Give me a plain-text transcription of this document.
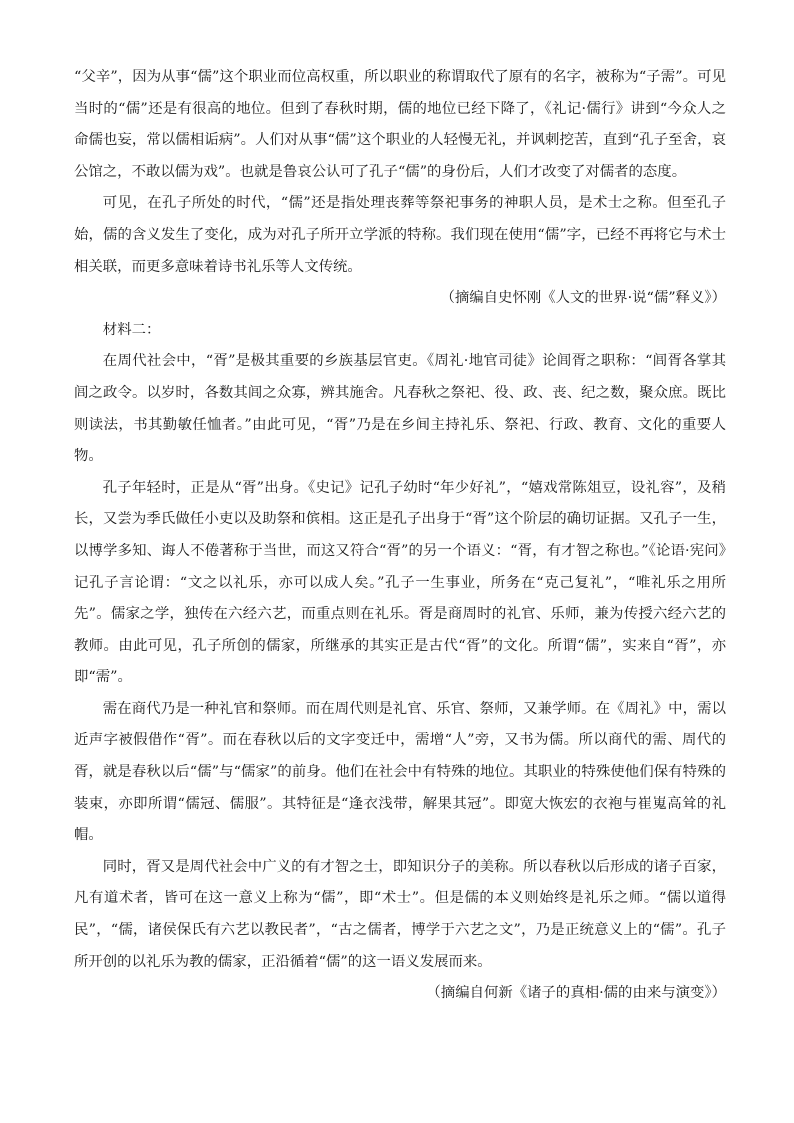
“父辛”，因为从事“儒”这个职业而位高权重，所以职业的称谓取代了原有的名字，被称为“子需”。可见当时的“儒”还是有很高的地位。但到了春秋时期，儒的地位已经下降了，《礼记·儒行》讲到“今众人之命儒也妄，常以儒相诟病”。人们对从事“儒”这个职业的人轻慢无礼，并讽刺挖苦，直到“孔子至舍，哀公馆之，不敢以儒为戏”。也就是鲁哀公认可了孔子“儒”的身份后，人们才改变了对儒者的态度。

可见，在孔子所处的时代，“儒”还是指处理丧葬等祭祀事务的神职人员，是术士之称。但至孔子始，儒的含义发生了变化，成为对孔子所开立学派的特称。我们现在使用“儒”字，已经不再将它与术士相关联，而更多意味着诗书礼乐等人文传统。

（摘编自史怀刚《人文的世界·说“儒”释义》）

材料二：

在周代社会中，“胥”是极其重要的乡族基层官吏。《周礼·地官司徒》论闾胥之职称：“闾胥各掌其闾之政令。以岁时，各数其闾之众寡，辨其施舍。凡春秋之祭祀、役、政、丧、纪之数，聚众庶。既比则读法，书其勤敏任恤者。”由此可见，“胥”乃是在乡间主持礼乐、祭祀、行政、教育、文化的重要人物。

孔子年轻时，正是从“胥”出身。《史记》记孔子幼时“年少好礼”，“嬉戏常陈俎豆，设礼容”，及稍长，又尝为季氏做任小吏以及助祭和傧相。这正是孔子出身于“胥”这个阶层的确切证据。又孔子一生，以博学多知、诲人不倦著称于当世，而这又符合“胥”的另一个语义：“胥，有才智之称也。”《论语·宪问》记孔子言论谓：“文之以礼乐，亦可以成人矣。”孔子一生事业，所务在“克己复礼”，“唯礼乐之用所先”。儒家之学，独传在六经六艺，而重点则在礼乐。胥是商周时的礼官、乐师，兼为传授六经六艺的教师。由此可见，孔子所创的儒家，所继承的其实正是古代“胥”的文化。所谓“儒”，实来自“胥”，亦即“需”。

需在商代乃是一种礼官和祭师。而在周代则是礼官、乐官、祭师，又兼学师。在《周礼》中，需以近声字被假借作“胥”。而在春秋以后的文字变迁中，需增“人”旁，又书为儒。所以商代的需、周代的胥，就是春秋以后“儒”与“儒家”的前身。他们在社会中有特殊的地位。其职业的特殊使他们保有特殊的装束，亦即所谓“儒冠、儒服”。其特征是“逢衣浅带，解果其冠”。即宽大恢宏的衣袍与崔嵬高耸的礼帽。

同时，胥又是周代社会中广义的有才智之士，即知识分子的美称。所以春秋以后形成的诸子百家，凡有道术者，皆可在这一意义上称为“儒”，即“术士”。但是儒的本义则始终是礼乐之师。“儒以道得民”，“儒，诸侯保氏有六艺以教民者”，“古之儒者，博学于六艺之文”，乃是正统意义上的“儒”。孔子所开创的以礼乐为教的儒家，正沿循着“儒”的这一语义发展而来。

（摘编自何新《诸子的真相·儒的由来与演变》）
